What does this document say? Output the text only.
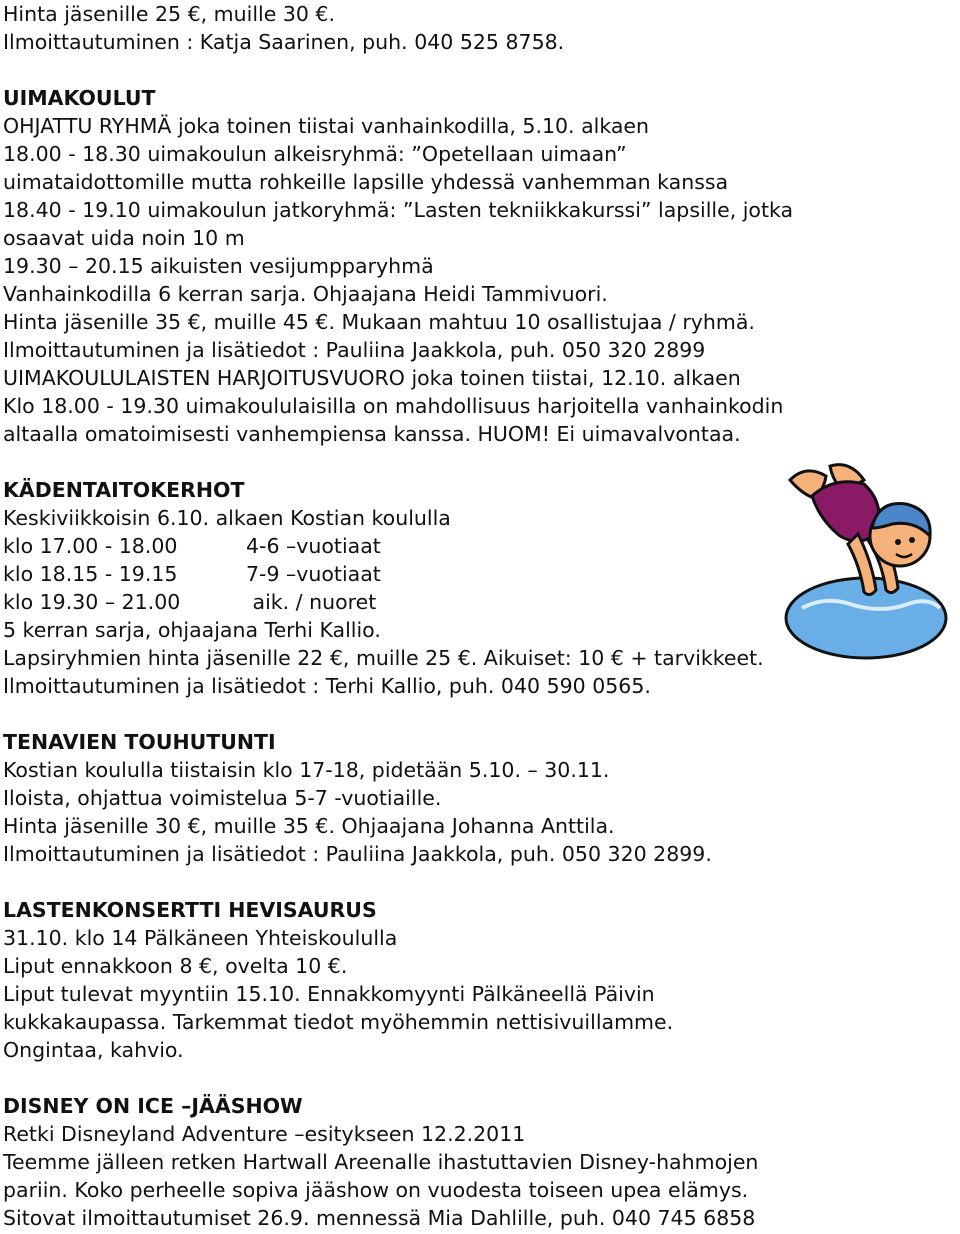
Hinta jäsenille 25 €, muille 30 €.
Ilmoittautuminen : Katja Saarinen, puh. 040 525 8758.
UIMAKOULUT
OHJATTU RYHMÄ joka toinen tiistai vanhainkodilla, 5.10. alkaen
18.00 - 18.30 uimakoulun alkeisryhmä: ”Opetellaan uimaan”
uimataidottomille mutta rohkeille lapsille yhdessä vanhemman kanssa
18.40 - 19.10 uimakoulun jatkoryhmä: ”Lasten tekniikkakurssi” lapsille, jotka
osaavat uida noin 10 m
19.30 – 20.15 aikuisten vesijumpparyhmä
Vanhainkodilla 6 kerran sarja. Ohjaajana Heidi Tammivuori.
Hinta jäsenille 35 €, muille 45 €. Mukaan mahtuu 10 osallistujaa / ryhmä.
Ilmoittautuminen ja lisätiedot : Pauliina Jaakkola, puh. 050 320 2899
UIMAKOULULAISTEN HARJOITUSVUORO joka toinen tiistai, 12.10. alkaen
Klo 18.00 - 19.30 uimakoululaisilla on mahdollisuus harjoitella vanhainkodin
altaalla omatoimisesti vanhempiensa kanssa. HUOM! Ei uimavalvontaa.
KÄDENTAITOKERHOT
Keskiviikkoisin 6.10. alkaen Kostian koululla
klo 17.00 - 18.00	4-6 –vuotiaat
klo 18.15 - 19.15	7-9 –vuotiaat
klo 19.30 – 21.00	aik. / nuoret
5 kerran sarja, ohjaajana Terhi Kallio.
Lapsiryhmien hinta jäsenille 22 €, muille 25 €. Aikuiset: 10 € + tarvikkeet.
Ilmoittautuminen ja lisätiedot : Terhi Kallio, puh. 040 590 0565.
TENAVIEN TOUHUTUNTI
Kostian koululla tiistaisin klo 17-18, pidetään 5.10. – 30.11.
Iloista, ohjattua voimistelua 5-7 -vuotiaille.
Hinta jäsenille 30 €, muille 35 €. Ohjaajana Johanna Anttila.
Ilmoittautuminen ja lisätiedot : Pauliina Jaakkola, puh. 050 320 2899.
LASTENKONSERTTI HEVISAURUS
31.10. klo 14 Pälkäneen Yhteiskoululla
Liput ennakkoon 8 €, ovelta 10 €.
Liput tulevat myyntiin 15.10. Ennakkomyynti Pälkäneellä Päivin
kukkakaupassa. Tarkemmat tiedot myöhemmin nettisivuillamme.
Ongintaa, kahvio.
DISNEY ON ICE –JÄÄSHOW
Retki Disneyland Adventure –esitykseen 12.2.2011
Teemme jälleen retken Hartwall Areenalle ihastuttavien Disney-hahmojen
pariin. Koko perheelle sopiva jääshow on vuodesta toiseen upea elämys.
Sitovat ilmoittautumiset 26.9. mennessä Mia Dahlille, puh. 040 745 6858
